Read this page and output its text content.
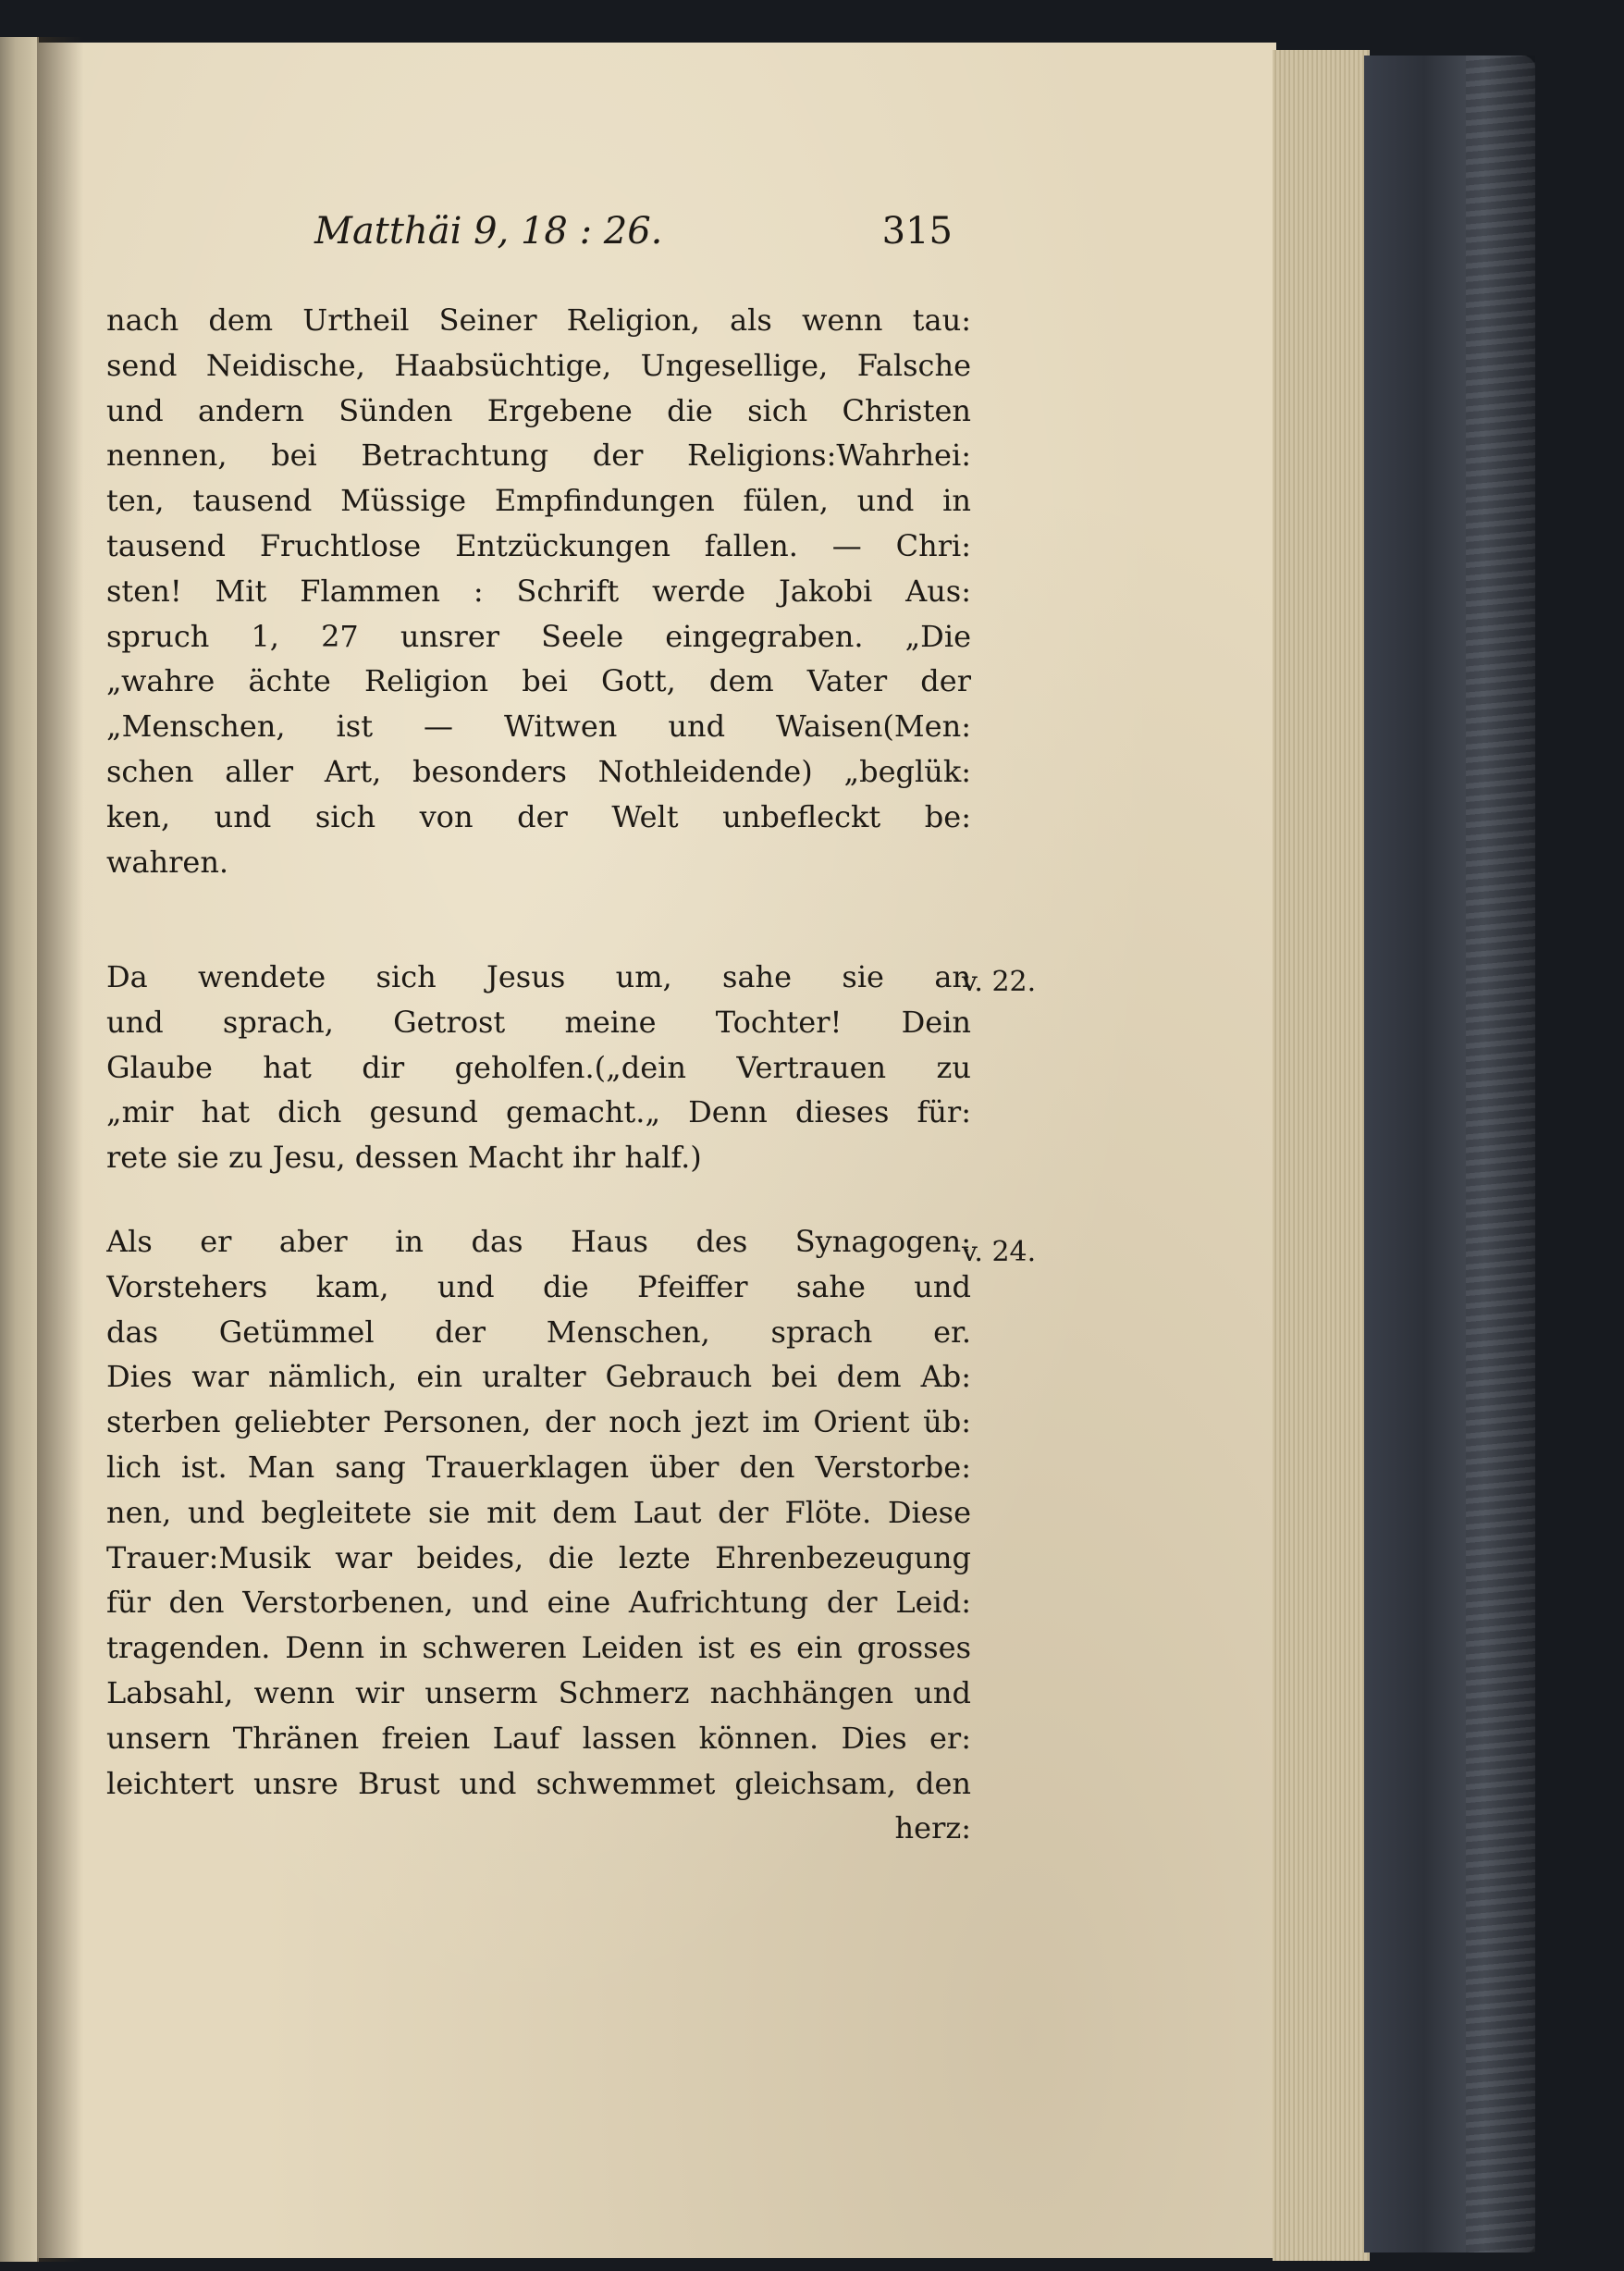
Matthäi 9, 18 : 26.	315
nach dem Urtheil Seiner Religion, als wenn tau:
send Neidische, Haabsüchtige, Ungesellige, Falsche
und andern Sünden Ergebene die sich Christen
nennen, bei Betrachtung der Religions:Wahrhei:
ten, tausend Müssige Empfindungen fülen, und in
tausend Fruchtlose Entzückungen fallen. — Chri:
sten! Mit Flammen : Schrift werde Jakobi Aus:
spruch 1, 27 unsrer Seele eingegraben. „Die
„wahre ächte Religion bei Gott, dem Vater der
„Menschen, ist — Witwen und Waisen(Men:
schen aller Art, besonders Nothleidende) „beglük:
ken, und sich von der Welt unbefleckt be:
wahren.
Da wendete sich Jesus um, sahe sie an
und sprach, Getrost meine Tochter! Dein
Glaube hat dir geholfen.(„dein Vertrauen zu
„mir hat dich gesund gemacht.„ Denn dieses für:
rete sie zu Jesu, dessen Macht ihr half.)
v. 22.
Als er aber in das Haus des Synagogen:
Vorstehers kam, und die Pfeiffer sahe und
das Getümmel der Menschen, sprach er.
Dies war nämlich, ein uralter Gebrauch bei dem Ab:
sterben geliebter Personen, der noch jezt im Orient üb:
lich ist. Man sang Trauerklagen über den Verstorbe:
nen, und begleitete sie mit dem Laut der Flöte. Diese
Trauer:Musik war beides, die lezte Ehrenbezeugung
für den Verstorbenen, und eine Aufrichtung der Leid:
tragenden. Denn in schweren Leiden ist es ein grosses
Labsahl, wenn wir unserm Schmerz nachhängen und
unsern Thränen freien Lauf lassen können. Dies er:
leichtert unsre Brust und schwemmet gleichsam, den
herz:
v. 24.
